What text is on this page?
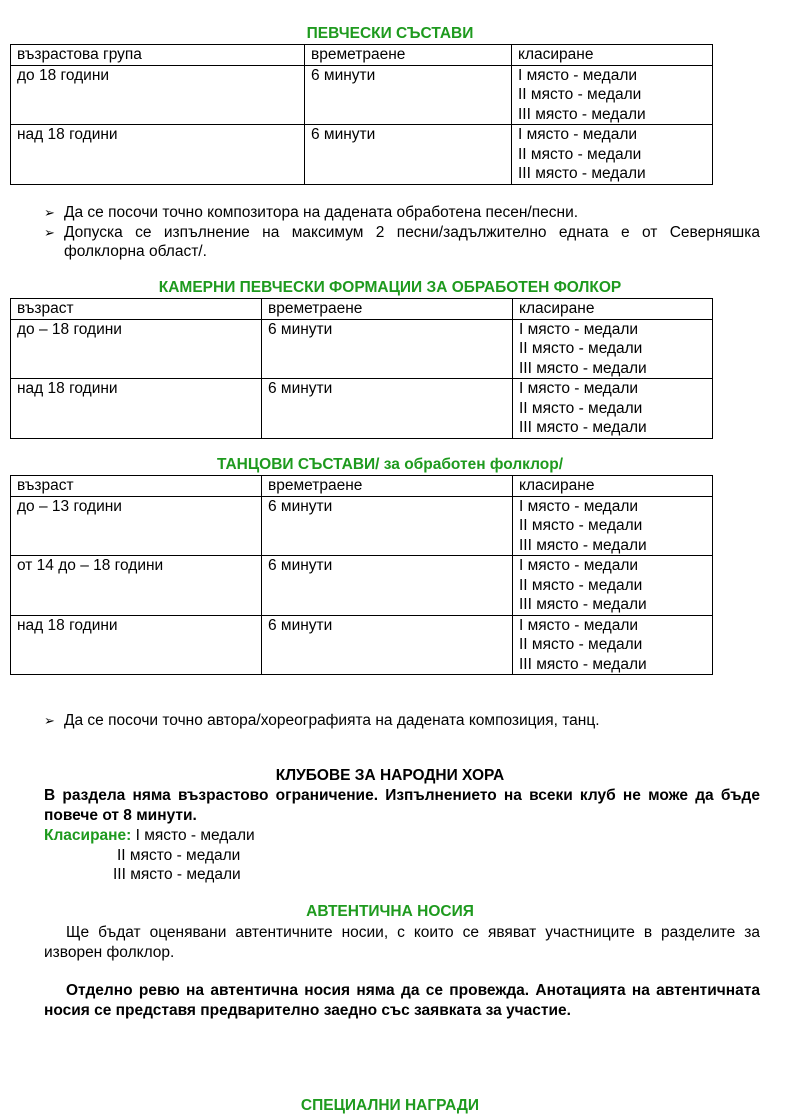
ПЕВЧЕСКИ СЪСТАВИ
възрастова група	времетраене	класиране
до 18 години	6 минути	I място - медали
II място - медали
III място - медали

над 18 години	6 минути	I място - медали
II място - медали
III място - медали
➢ Да се посочи точно композитора на дадената обработена песен/песни.
➢ Допуска се изпълнение на максимум 2 песни/задължително едната е от Северняшка фолклорна област/.
КАМЕРНИ ПЕВЧЕСКИ ФОРМАЦИИ ЗА ОБРАБОТЕН ФОЛКОР
възраст	времетраене	класиране
до – 18 години	6 минути	I място - медали
II място - медали
III място - медали

над 18 години	6 минути	I място - медали
II място - медали
III място - медали
ТАНЦОВИ СЪСТАВИ/ за обработен фолклор/
възраст	времетраене	класиране
до – 13 години	6 минути	I място - медали
II място - медали
III място - медали

от 14 до – 18 години	6 минути	I място - медали
II място - медали
III място - медали

над 18 години	6 минути	I място - медали
II място - медали
III място - медали
➢ Да се посочи точно автора/хореографията на дадената композиция, танц.
КЛУБОВЕ ЗА НАРОДНИ ХОРА

В раздела няма възрастово ограничение. Изпълнението на всеки клуб не може да бъде повече от 8 минути.

Класиране: I място - медали
II място - медали
III място - медали
АВТЕНТИЧНА НОСИЯ

Ще бъдат оценявани автентичните носии, с които се явяват участниците в разделите за изворен фолклор.

Отделно ревю на автентична носия няма да се провежда. Анотацията на автентичната носия се представя предварително заедно със заявката за участие.

СПЕЦИАЛНИ НАГРАДИ
